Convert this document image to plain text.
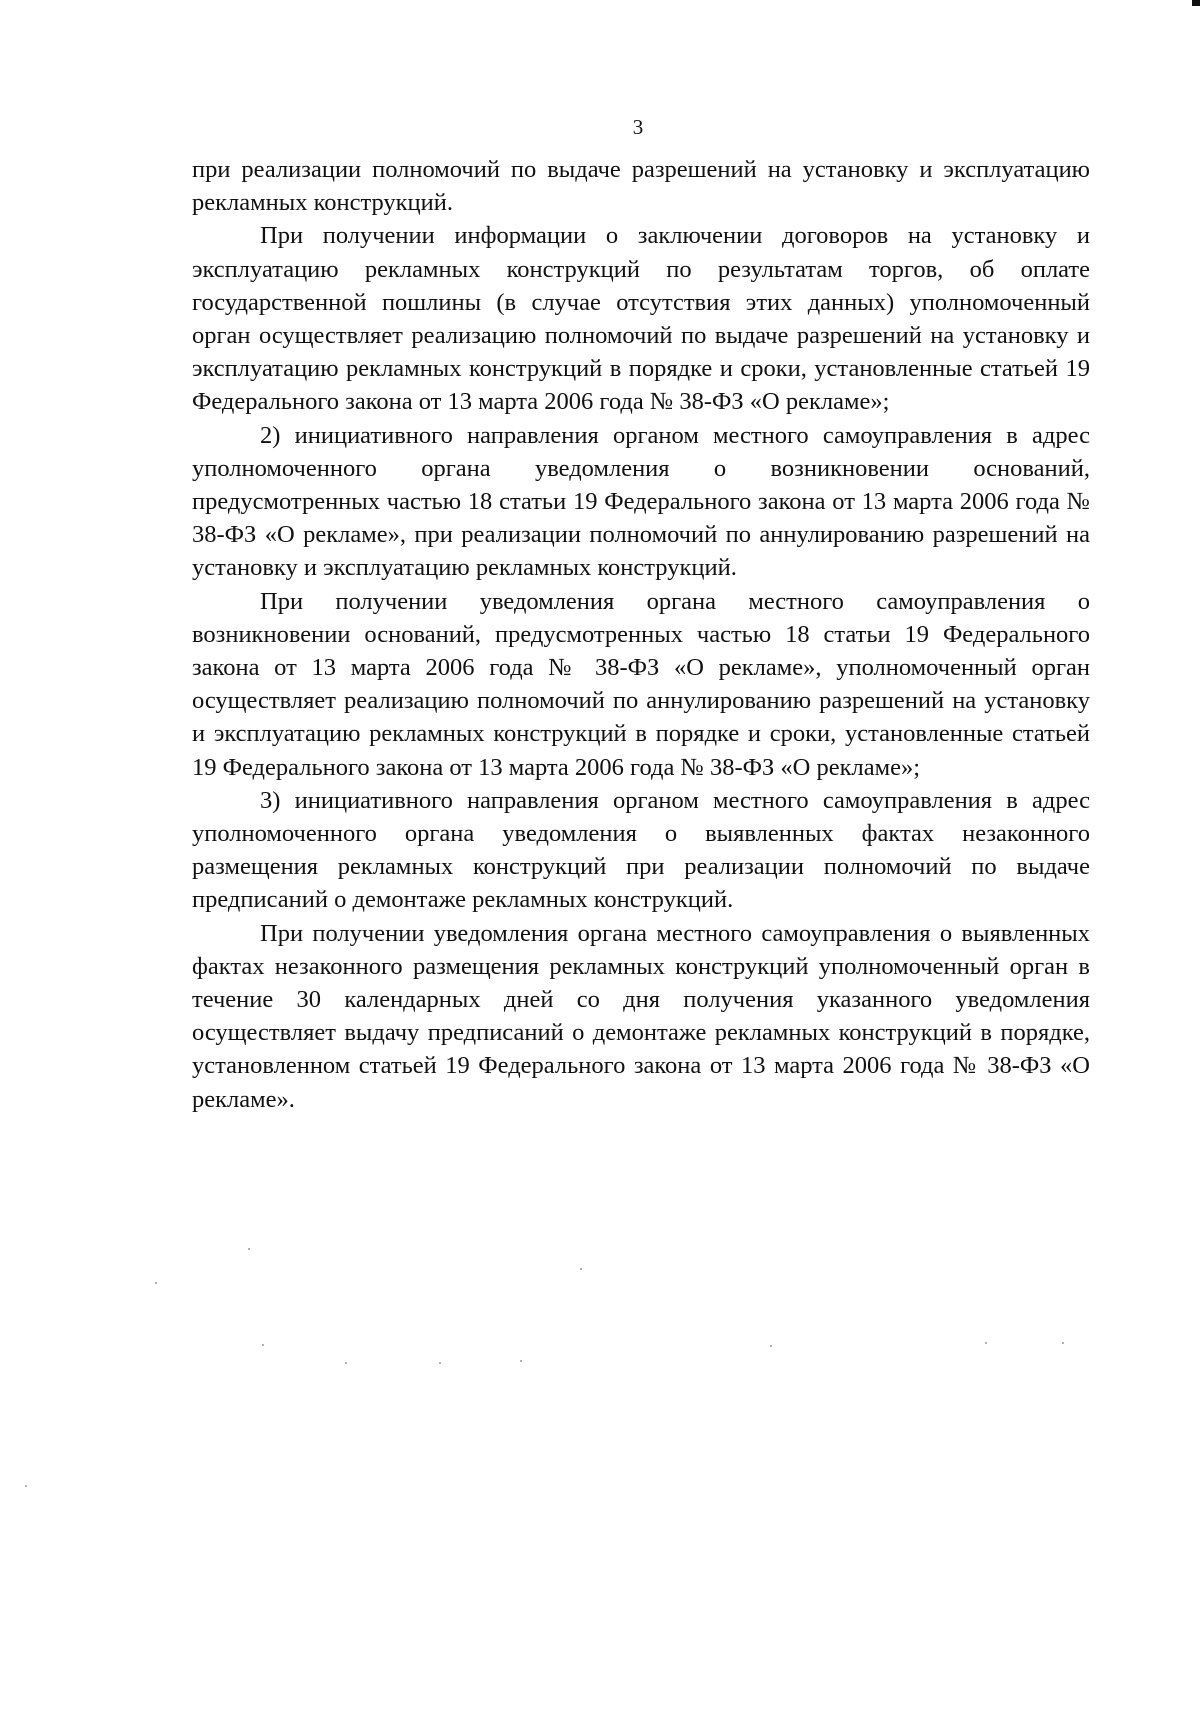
3

при реализации полномочий по выдаче разрешений на установку и эксплуатацию рекламных конструкций.

При получении информации о заключении договоров на установку и эксплуатацию рекламных конструкций по результатам торгов, об оплате государственной пошлины (в случае отсутствия этих данных) уполномоченный орган осуществляет реализацию полномочий по выдаче разрешений на установку и эксплуатацию рекламных конструкций в порядке и сроки, установленные статьей 19 Федерального закона от 13 марта 2006 года № 38-ФЗ «О рекламе»;

2) инициативного направления органом местного самоуправления в адрес уполномоченного органа уведомления о возникновении оснований, предусмотренных частью 18 статьи 19 Федерального закона от 13 марта 2006 года № 38-ФЗ «О рекламе», при реализации полномочий по аннулированию разрешений на установку и эксплуатацию рекламных конструкций.

При получении уведомления органа местного самоуправления о возникновении оснований, предусмотренных частью 18 статьи 19 Федерального закона от 13 марта 2006 года № 38-ФЗ «О рекламе», уполномоченный орган осуществляет реализацию полномочий по аннулированию разрешений на установку и эксплуатацию рекламных конструкций в порядке и сроки, установленные статьей 19 Федерального закона от 13 марта 2006 года № 38-ФЗ «О рекламе»;

3) инициативного направления органом местного самоуправления в адрес уполномоченного органа уведомления о выявленных фактах незаконного размещения рекламных конструкций при реализации полномочий по выдаче предписаний о демонтаже рекламных конструкций.

При получении уведомления органа местного самоуправления о выявленных фактах незаконного размещения рекламных конструкций уполномоченный орган в течение 30 календарных дней со дня получения указанного уведомления осуществляет выдачу предписаний о демонтаже рекламных конструкций в порядке, установленном статьей 19 Федерального закона от 13 марта 2006 года № 38-ФЗ «О рекламе».
